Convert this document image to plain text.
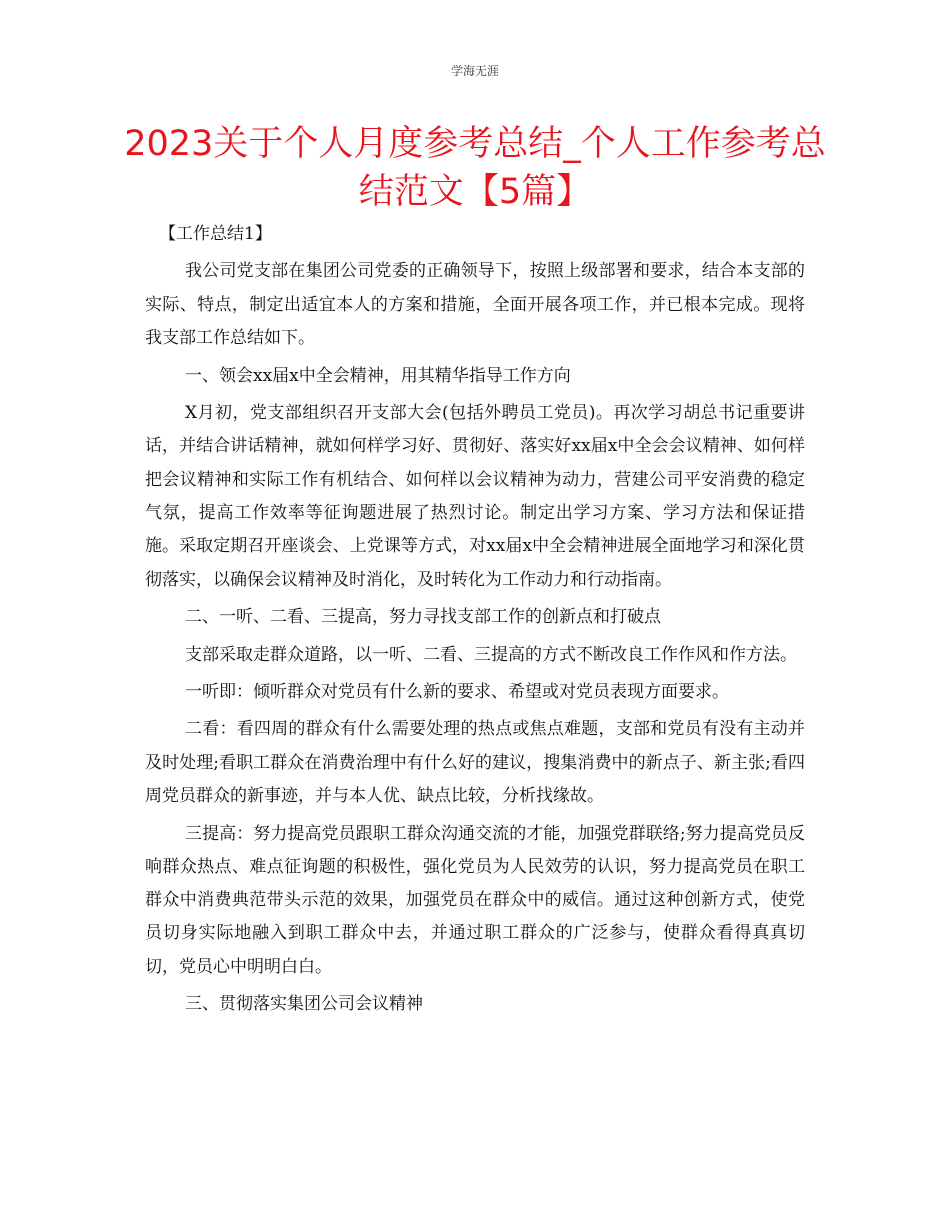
学海无涯
2023关于个人月度参考总结_个人工作参考总结范文【5篇】

【工作总结1】

我公司党支部在集团公司党委的正确领导下，按照上级部署和要求，结合本支部的实际、特点，制定出适宜本人的方案和措施，全面开展各项工作，并已根本完成。现将我支部工作总结如下。

一、领会xx届x中全会精神，用其精华指导工作方向

X月初，党支部组织召开支部大会(包括外聘员工党员)。再次学习胡总书记重要讲话，并结合讲话精神，就如何样学习好、贯彻好、落实好xx届x中全会会议精神、如何样把会议精神和实际工作有机结合、如何样以会议精神为动力，营建公司平安消费的稳定气氛，提高工作效率等征询题进展了热烈讨论。制定出学习方案、学习方法和保证措施。采取定期召开座谈会、上党课等方式，对xx届x中全会精神进展全面地学习和深化贯彻落实，以确保会议精神及时消化，及时转化为工作动力和行动指南。

二、一听、二看、三提高，努力寻找支部工作的创新点和打破点

支部采取走群众道路，以一听、二看、三提高的方式不断改良工作作风和作方法。

一听即：倾听群众对党员有什么新的要求、希望或对党员表现方面要求。

二看：看四周的群众有什么需要处理的热点或焦点难题，支部和党员有没有主动并及时处理;看职工群众在消费治理中有什么好的建议，搜集消费中的新点子、新主张;看四周党员群众的新事迹，并与本人优、缺点比较，分析找缘故。

三提高：努力提高党员跟职工群众沟通交流的才能，加强党群联络;努力提高党员反响群众热点、难点征询题的积极性，强化党员为人民效劳的认识，努力提高党员在职工群众中消费典范带头示范的效果，加强党员在群众中的威信。通过这种创新方式，使党员切身实际地融入到职工群众中去，并通过职工群众的广泛参与，使群众看得真真切切，党员心中明明白白。

三、贯彻落实集团公司会议精神
